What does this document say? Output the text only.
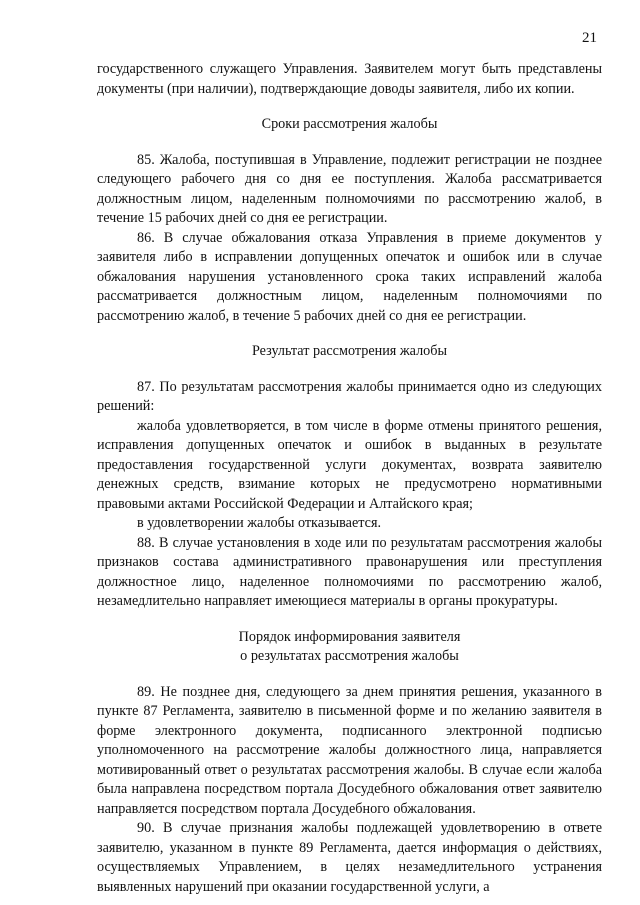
21

государственного служащего Управления. Заявителем могут быть представлены документы (при наличии), подтверждающие доводы заявителя, либо их копии.

Сроки рассмотрения жалобы

85. Жалоба, поступившая в Управление, подлежит регистрации не позднее следующего рабочего дня со дня ее поступления. Жалоба рассматривается должностным лицом, наделенным полномочиями по рассмотрению жалоб, в течение 15 рабочих дней со дня ее регистрации.

86. В случае обжалования отказа Управления в приеме документов у заявителя либо в исправлении допущенных опечаток и ошибок или в случае обжалования нарушения установленного срока таких исправлений жалоба рассматривается должностным лицом, наделенным полномочиями по рассмотрению жалоб, в течение 5 рабочих дней со дня ее регистрации.

Результат рассмотрения жалобы

87. По результатам рассмотрения жалобы принимается одно из следующих решений:

жалоба удовлетворяется, в том числе в форме отмены принятого решения, исправления допущенных опечаток и ошибок в выданных в результате предоставления государственной услуги документах, возврата заявителю денежных средств, взимание которых не предусмотрено нормативными правовыми актами Российской Федерации и Алтайского края;

в удовлетворении жалобы отказывается.

88. В случае установления в ходе или по результатам рассмотрения жалобы признаков состава административного правонарушения или преступления должностное лицо, наделенное полномочиями по рассмотрению жалоб, незамедлительно направляет имеющиеся материалы в органы прокуратуры.

Порядок информирования заявителя
о результатах рассмотрения жалобы

89. Не позднее дня, следующего за днем принятия решения, указанного в пункте 87 Регламента, заявителю в письменной форме и по желанию заявителя в форме электронного документа, подписанного электронной подписью уполномоченного на рассмотрение жалобы должностного лица, направляется мотивированный ответ о результатах рассмотрения жалобы. В случае если жалоба была направлена посредством портала Досудебного обжалования ответ заявителю направляется посредством портала Досудебного обжалования.

90. В случае признания жалобы подлежащей удовлетворению в ответе заявителю, указанном в пункте 89 Регламента, дается информация о действиях, осуществляемых Управлением, в целях незамедлительного устранения выявленных нарушений при оказании государственной услуги, а
